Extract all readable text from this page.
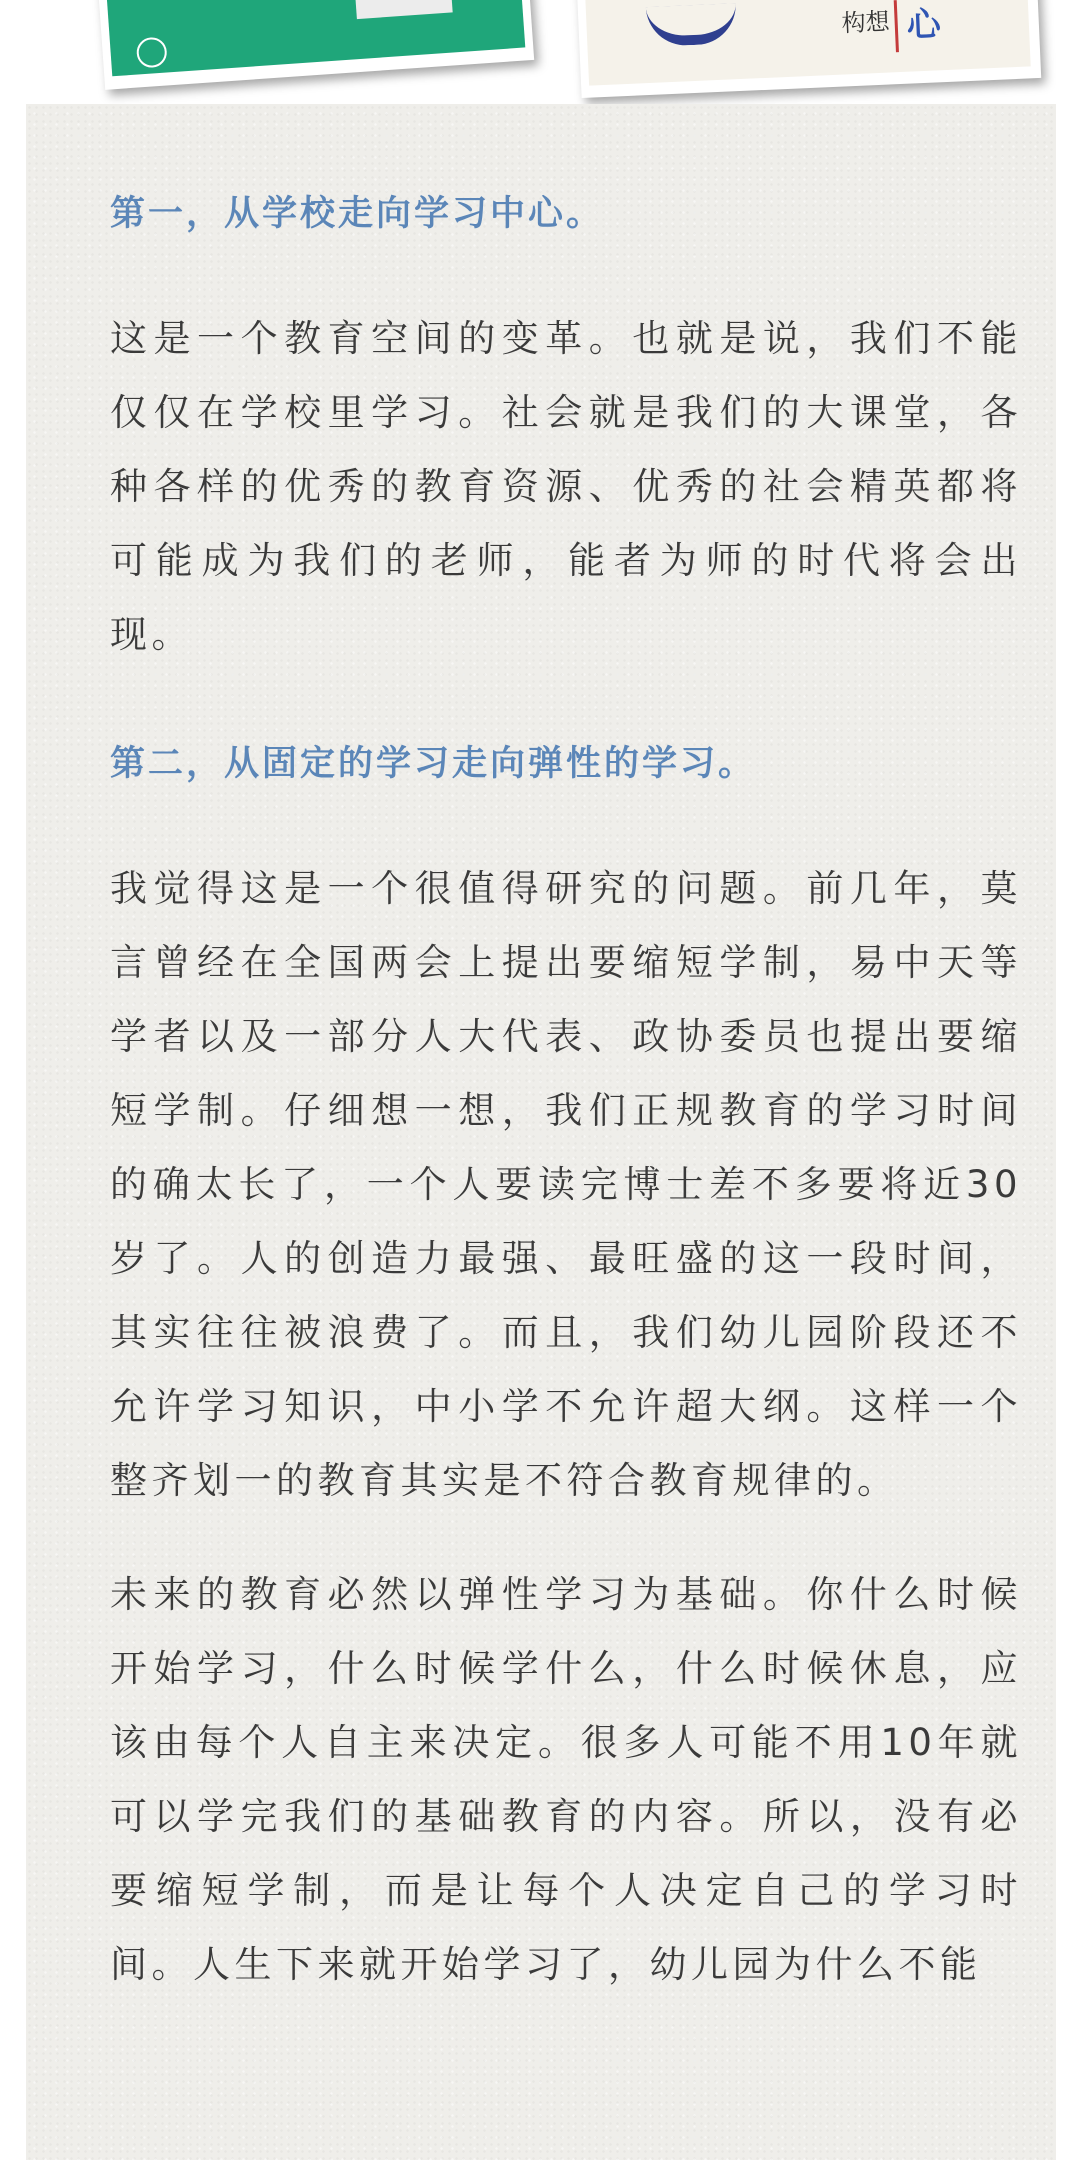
构想 心

第一，从学校走向学习中心。

这是一个教育空间的变革。也就是说，我们不能仅仅在学校里学习。社会就是我们的大课堂，各种各样的优秀的教育资源、优秀的社会精英都将可能成为我们的老师，能者为师的时代将会出现。

第二，从固定的学习走向弹性的学习。

我觉得这是一个很值得研究的问题。前几年，莫言曾经在全国两会上提出要缩短学制，易中天等学者以及一部分人大代表、政协委员也提出要缩短学制。仔细想一想，我们正规教育的学习时间的确太长了，一个人要读完博士差不多要将近30岁了。人的创造力最强、最旺盛的这一段时间，其实往往被浪费了。而且，我们幼儿园阶段还不允许学习知识，中小学不允许超大纲。这样一个整齐划一的教育其实是不符合教育规律的。

未来的教育必然以弹性学习为基础。你什么时候开始学习，什么时候学什么，什么时候休息，应该由每个人自主来决定。很多人可能不用10年就可以学完我们的基础教育的内容。所以，没有必要缩短学制，而是让每个人决定自己的学习时间。人生下来就开始学习了，幼儿园为什么不能
